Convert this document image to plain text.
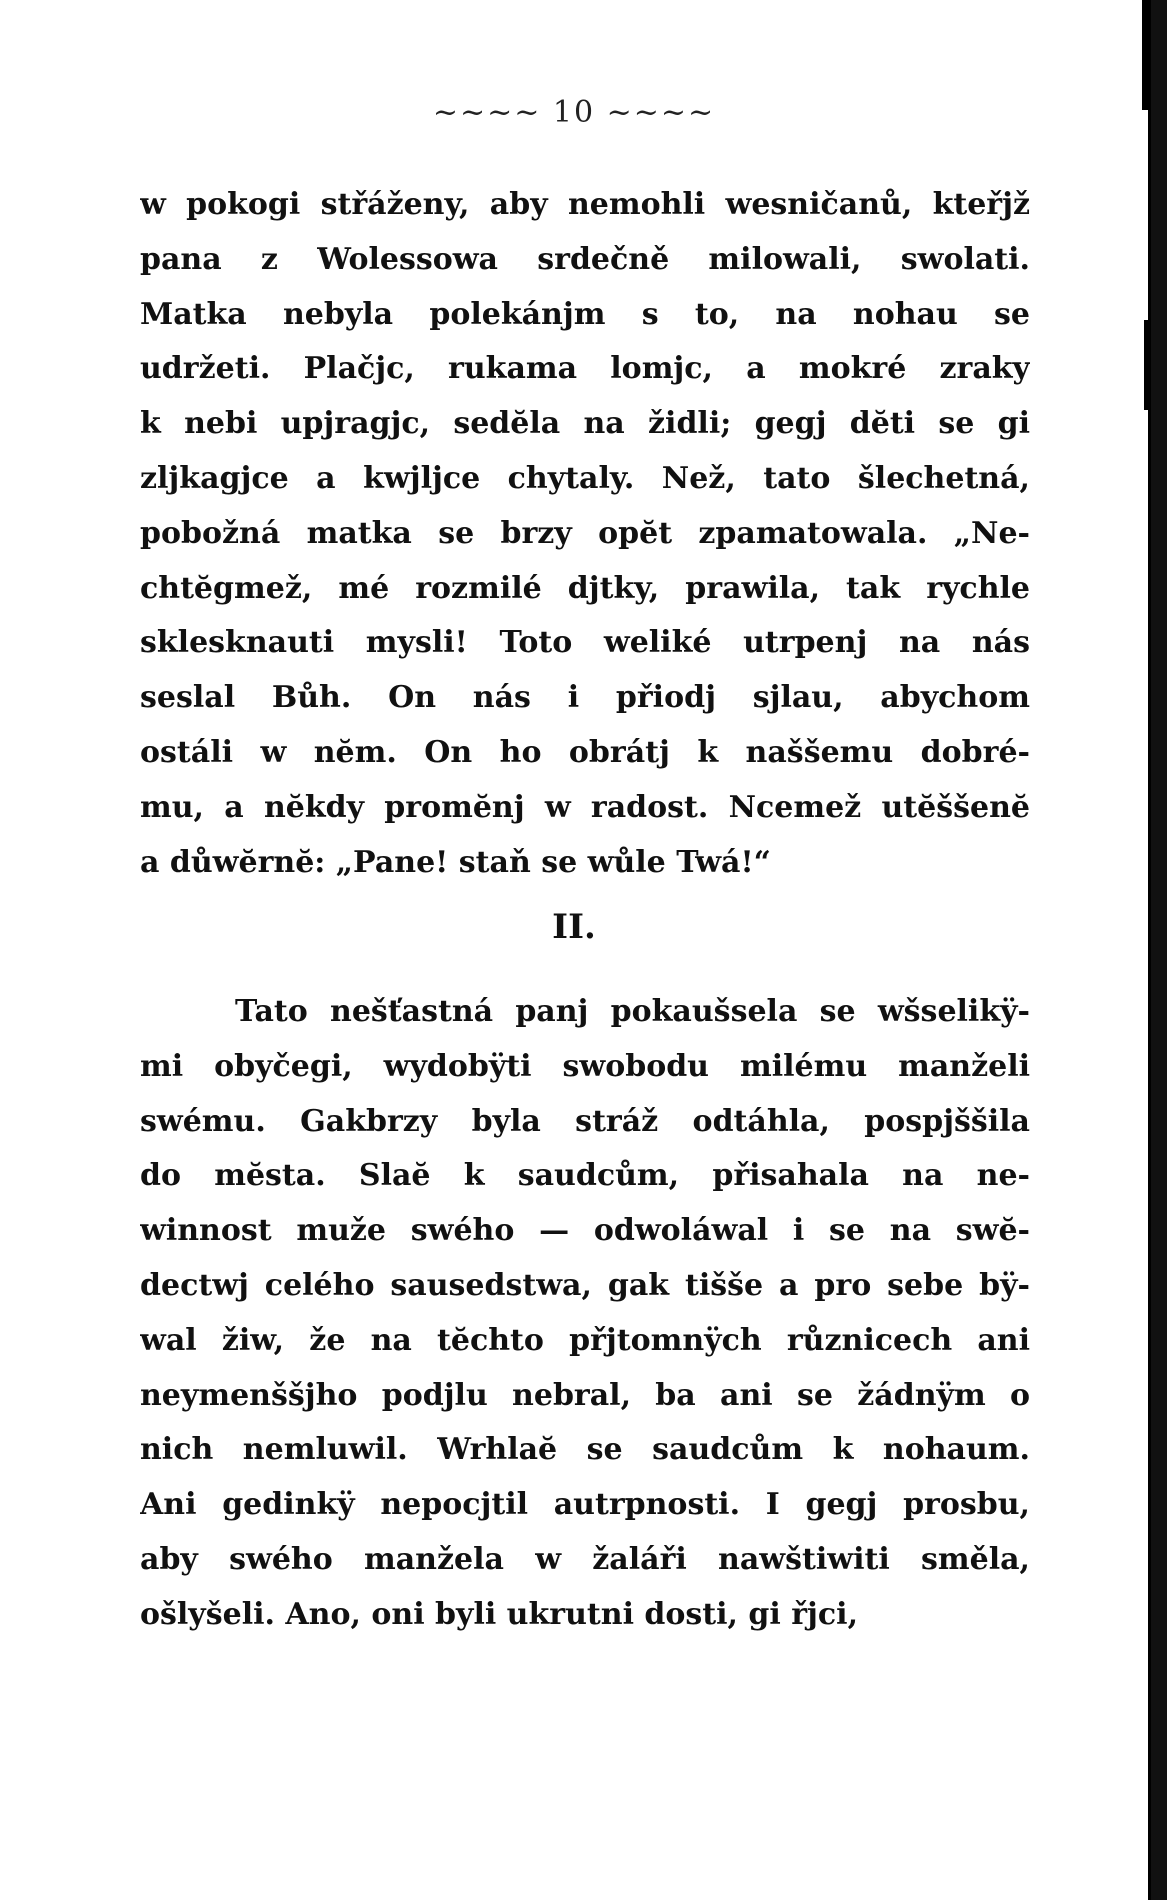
~~~~ 10 ~~~~
w pokogi střáženy, aby nemohli wesničanů, kteřjž
pana z Wolessowa srdečně milowali, swolati.
Matka nebyla polekánjm s to, na nohau se
udržeti. Plačjc, rukama lomjc, a mokré zraky
k nebi upjragjc, sedĕla na židli; gegj dĕti se gi
zljkagjce a kwjljce chytaly. Než, tato šlechetná,
pobožná matka se brzy opĕt zpamatowala. „Ne-
chtĕgmež, mé rozmilé djtky, prawila, tak rychle
sklesknauti mysli! Toto weliké utrpenj na nás
seslal Bůh. On nás i přiodj sjlau, abychom
ostáli w nĕm. On ho obrátj k naššemu dobré-
mu, a nĕkdy promĕnj w radost. Ncemež utĕššenĕ
a důwĕrnĕ: „Pane! staň se wůle Twá!“
II.
Tato nešťastná panj pokaušsela se wšselikÿ-
mi obyčegi, wydobÿti swobodu milému manželi
swému. Gakbrzy byla stráž odtáhla, pospjššila
do mĕsta. Slaĕ k saudcům, přisahala na ne-
winnost muže swého — odwoláwal i se na swĕ-
dectwj celého sausedstwa, gak tišše a pro sebe bÿ-
wal žiw, že na tĕchto přjtomnÿch různicech ani
neymenššjho podjlu nebral, ba ani se žádnÿm o
nich nemluwil. Wrhlaĕ se saudcům k nohaum.
Ani gedinkÿ nepocjtil autrpnosti. I gegj prosbu,
aby swého manžela w žaláři nawštiwiti směla,
ošlyšeli. Ano, oni byli ukrutni dosti, gi řjci,
